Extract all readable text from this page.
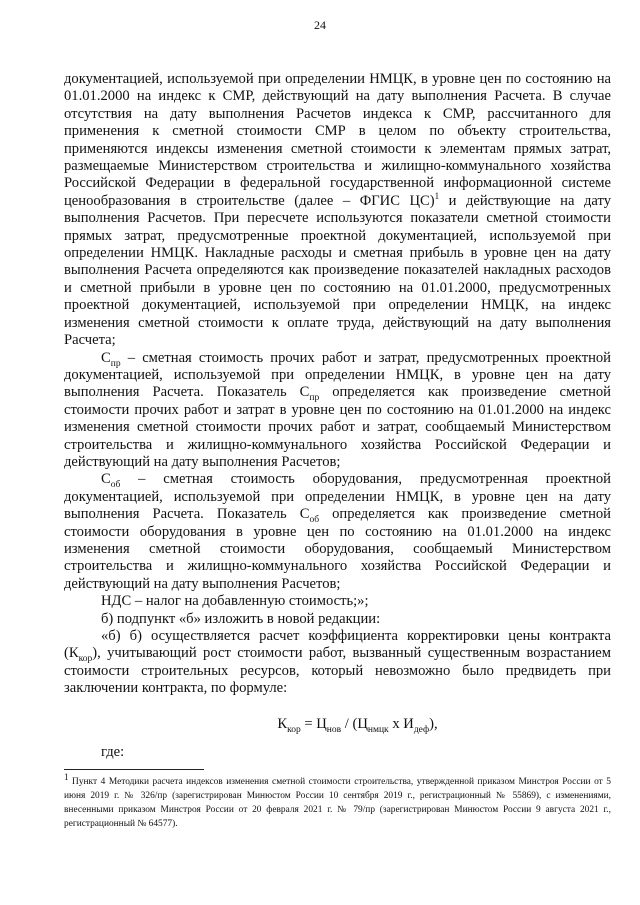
24

документацией, используемой при определении НМЦК, в уровне цен по состоянию на 01.01.2000 на индекс к СМР, действующий на дату выполнения Расчета. В случае отсутствия на дату выполнения Расчетов индекса к СМР, рассчитанного для применения к сметной стоимости СМР в целом по объекту строительства, применяются индексы изменения сметной стоимости к элементам прямых затрат, размещаемые Министерством строительства и жилищно-коммунального хозяйства Российской Федерации в федеральной государственной информационной системе ценообразования в строительстве (далее – ФГИС ЦС)$^1$ и действующие на дату выполнения Расчетов. При пересчете используются показатели сметной стоимости прямых затрат, предусмотренные проектной документацией, используемой при определении НМЦК. Накладные расходы и сметная прибыль в уровне цен на дату выполнения Расчета определяются как произведение показателей накладных расходов и сметной прибыли в уровне цен по состоянию на 01.01.2000, предусмотренных проектной документацией, используемой при определении НМЦК, на индекс изменения сметной стоимости к оплате труда, действующий на дату выполнения Расчета;

$С_{пр}$ – сметная стоимость прочих работ и затрат, предусмотренных проектной документацией, используемой при определении НМЦК, в уровне цен на дату выполнения Расчета. Показатель $С_{пр}$ определяется как произведение сметной стоимости прочих работ и затрат в уровне цен по состоянию на 01.01.2000 на индекс изменения сметной стоимости прочих работ и затрат, сообщаемый Министерством строительства и жилищно-коммунального хозяйства Российской Федерации и действующий на дату выполнения Расчетов;

$С_{об}$ – сметная стоимость оборудования, предусмотренная проектной документацией, используемой при определении НМЦК, в уровне цен на дату выполнения Расчета. Показатель $С_{об}$ определяется как произведение сметной стоимости оборудования в уровне цен по состоянию на 01.01.2000 на индекс изменения сметной стоимости оборудования, сообщаемый Министерством строительства и жилищно-коммунального хозяйства Российской Федерации и действующий на дату выполнения Расчетов;

НДС – налог на добавленную стоимость;»;

б) подпункт «б» изложить в новой редакции:

«б) б) осуществляется расчет коэффициента корректировки цены контракта $(К_{кор})$, учитывающий рост стоимости работ, вызванный существенным возрастанием стоимости строительных ресурсов, который невозможно было предвидеть при заключении контракта, по формуле:

$К_{кор} = Ц_{нов} / (Ц_{нмцк}$ х $И_{деф}$),

где:

$^1$ Пункт 4 Методики расчета индексов изменения сметной стоимости строительства, утвержденной приказом Минстроя России от 5 июня 2019 г. № 326/пр (зарегистрирован Минюстом России 10 сентября 2019 г., регистрационный № 55869), с изменениями, внесенными приказом Минстроя России от 20 февраля 2021 г. № 79/пр (зарегистрирован Минюстом России 9 августа 2021 г., регистрационный № 64577).
